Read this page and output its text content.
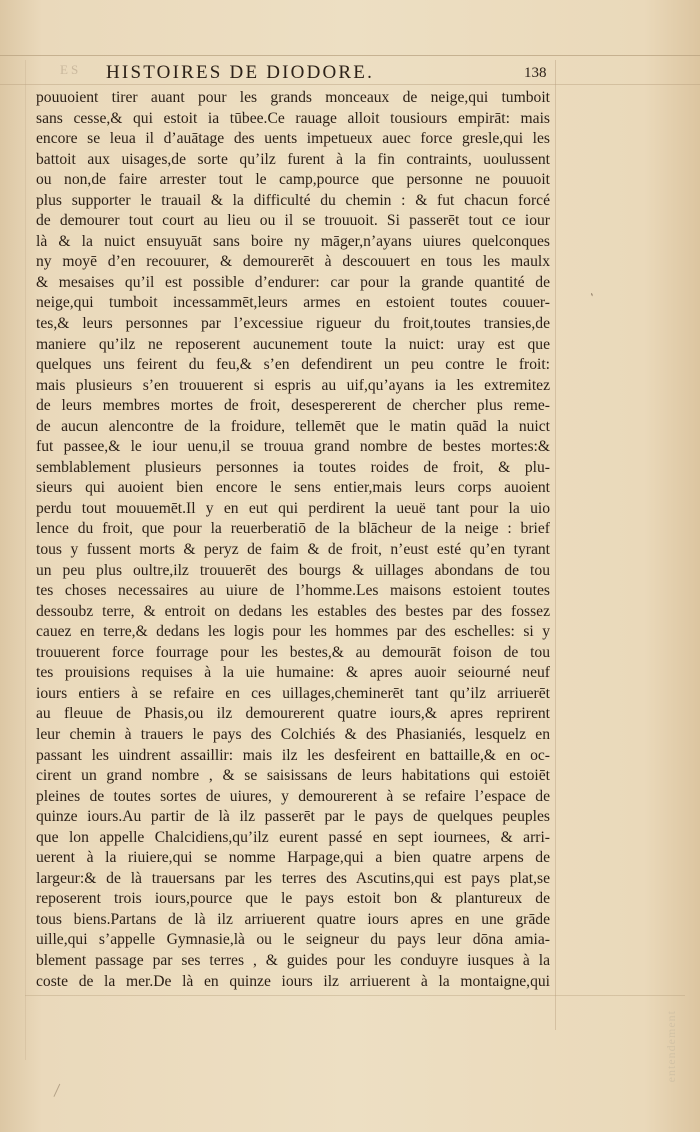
ES HISTOIRES DE DIODORE.	138
pouuoient tirer auant pour les grands monceaux de neige,qui tumboit
sans cesse,& qui estoit ia tūbee.Ce rauage alloit tousiours empirāt: mais
encore se leua il d’auātage des uents impetueux auec force gresle,qui les
battoit aux uisages,de sorte qu’ilz furent à la fin contraints, uoulussent
ou non,de faire arrester tout le camp,pource que personne ne pouuoit
plus supporter le trauail & la difficulté du chemin : & fut chacun forcé
de demourer tout court au lieu ou il se trouuoit. Si passerēt tout ce iour
là & la nuict ensuyuāt sans boire ny māger,n’ayans uiures quelconques
ny moyē d’en recouurer, & demourerēt à descouuert en tous les maulx
& mesaises qu’il est possible d’endurer: car pour la grande quantité de
neige,qui tumboit incessammēt,leurs armes en estoient toutes couuer-
tes,& leurs personnes par l’excessiue rigueur du froit,toutes transies,de
maniere qu’ilz ne reposerent aucunement toute la nuict: uray est que
quelques uns feirent du feu,& s’en defendirent un peu contre le froit:
mais plusieurs s’en trouuerent si espris au uif,qu’ayans ia les extremitez
de leurs membres mortes de froit, desespererent de chercher plus reme-
de aucun alencontre de la froidure, tellemēt que le matin quād la nuict
fut passee,& le iour uenu,il se trouua grand nombre de bestes mortes:&
semblablement plusieurs personnes ia toutes roides de froit, & plu-
sieurs qui auoient bien encore le sens entier,mais leurs corps auoient
perdu tout mouuemēt.Il y en eut qui perdirent la ueuë tant pour la uio
lence du froit, que pour la reuerberatiō de la blācheur de la neige : brief
tous y fussent morts & peryz de faim & de froit, n’eust esté qu’en tyrant
un peu plus oultre,ilz trouuerēt des bourgs & uillages abondans de tou
tes choses necessaires au uiure de l’homme.Les maisons estoient toutes
dessoubz terre, & entroit on dedans les estables des bestes par des fossez
cauez en terre,& dedans les logis pour les hommes par des eschelles: si y
trouuerent force fourrage pour les bestes,& au demourāt foison de tou
tes prouisions requises à la uie humaine: & apres auoir seiourné neuf
iours entiers à se refaire en ces uillages,cheminerēt tant qu’ilz arriuerēt
au fleuue de Phasis,ou ilz demourerent quatre iours,& apres reprirent
leur chemin à trauers le pays des Colchiés & des Phasianiés, lesquelz en
passant les uindrent assaillir: mais ilz les desfeirent en battaille,& en oc-
cirent un grand nombre , & se saisissans de leurs habitations qui estoiēt
pleines de toutes sortes de uiures, y demourerent à se refaire l’espace de
quinze iours.Au partir de là ilz passerēt par le pays de quelques peuples
que lon appelle Chalcidiens,qu’ilz eurent passé en sept iournees, & arri-
uerent à la riuiere,qui se nomme Harpage,qui a bien quatre arpens de
largeur:& de là trauersans par les terres des Ascutins,qui est pays plat,se
reposerent trois iours,pource que le pays estoit bon & plantureux de
tous biens.Partans de là ilz arriuerent quatre iours apres en une grāde
uille,qui s’appelle Gymnasie,là ou le seigneur du pays leur dōna amia-
blement passage par ses terres , & guides pour les conduyre iusques à la
coste de la mer.De là en quinze iours ilz arriuerent à la montaigne,qui
ˎ
entendement
